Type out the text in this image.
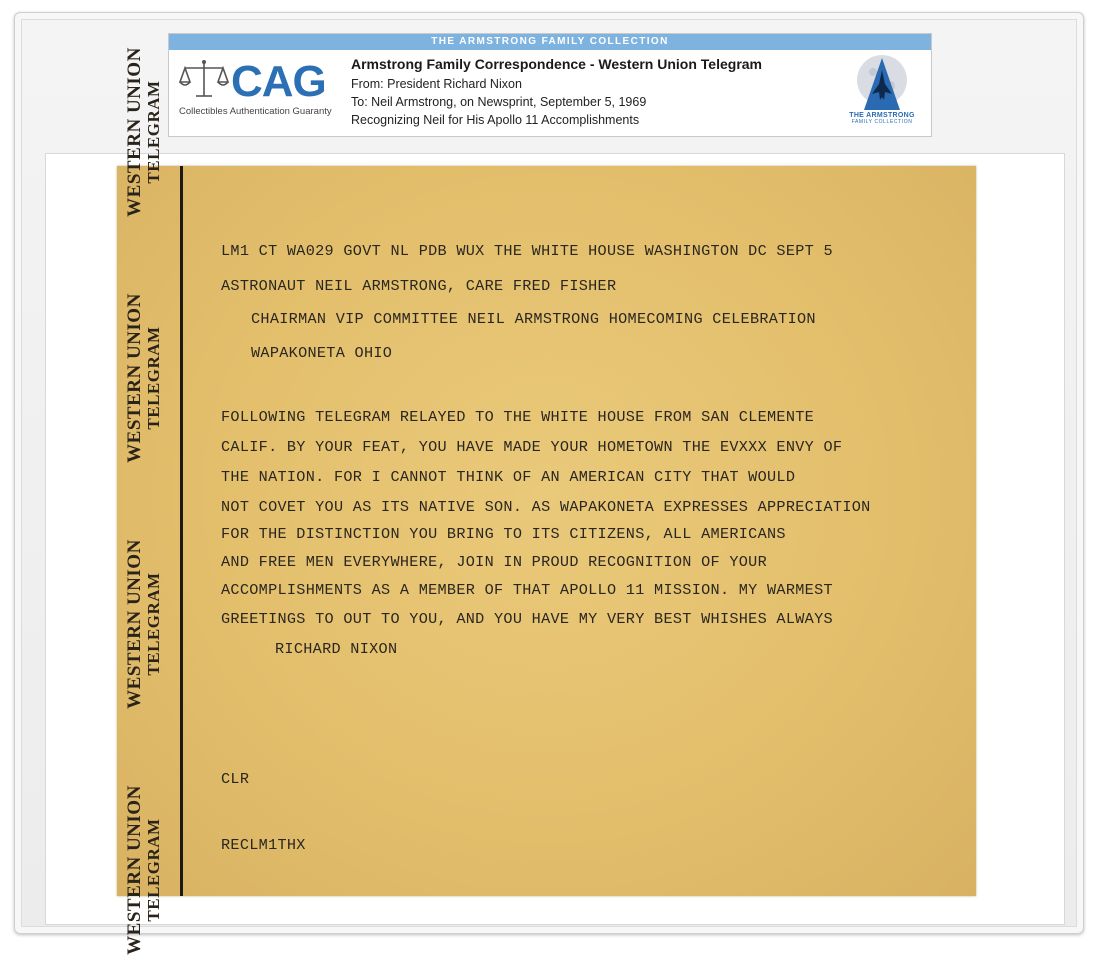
THE ARMSTRONG FAMILY COLLECTION
CAG
Collectibles Authentication Guaranty
Armstrong Family Correspondence - Western Union Telegram
From: President Richard Nixon
To: Neil Armstrong, on Newsprint, September 5, 1969
Recognizing Neil for His Apollo 11 Accomplishments	THE ARMSTRONG
FAMILY COLLECTION
WESTERN UNION TELEGRAM
WESTERN UNION TELEGRAM
WESTERN UNION TELEGRAM
WESTERN UNION TELEGRAM
LM1 CT WA029 GOVT NL PDB WUX THE WHITE HOUSE WASHINGTON DC SEPT 5
ASTRONAUT NEIL ARMSTRONG, CARE FRED FISHER
CHAIRMAN VIP COMMITTEE NEIL ARMSTRONG HOMECOMING CELEBRATION
WAPAKONETA OHIO
FOLLOWING TELEGRAM RELAYED TO THE WHITE HOUSE FROM SAN CLEMENTE
CALIF. BY YOUR FEAT, YOU HAVE MADE YOUR HOMETOWN THE EVXXX ENVY OF
THE NATION. FOR I CANNOT THINK OF AN AMERICAN CITY THAT WOULD
NOT COVET YOU AS ITS NATIVE SON. AS WAPAKONETA EXPRESSES APPRECIATION
FOR THE DISTINCTION YOU BRING TO ITS CITIZENS, ALL AMERICANS
AND FREE MEN EVERYWHERE, JOIN IN PROUD RECOGNITION OF YOUR
ACCOMPLISHMENTS AS A MEMBER OF THAT APOLLO 11 MISSION. MY WARMEST
GREETINGS TO OUT TO YOU, AND YOU HAVE MY VERY BEST WHISHES ALWAYS
RICHARD NIXON
CLR
RECLM1THX
